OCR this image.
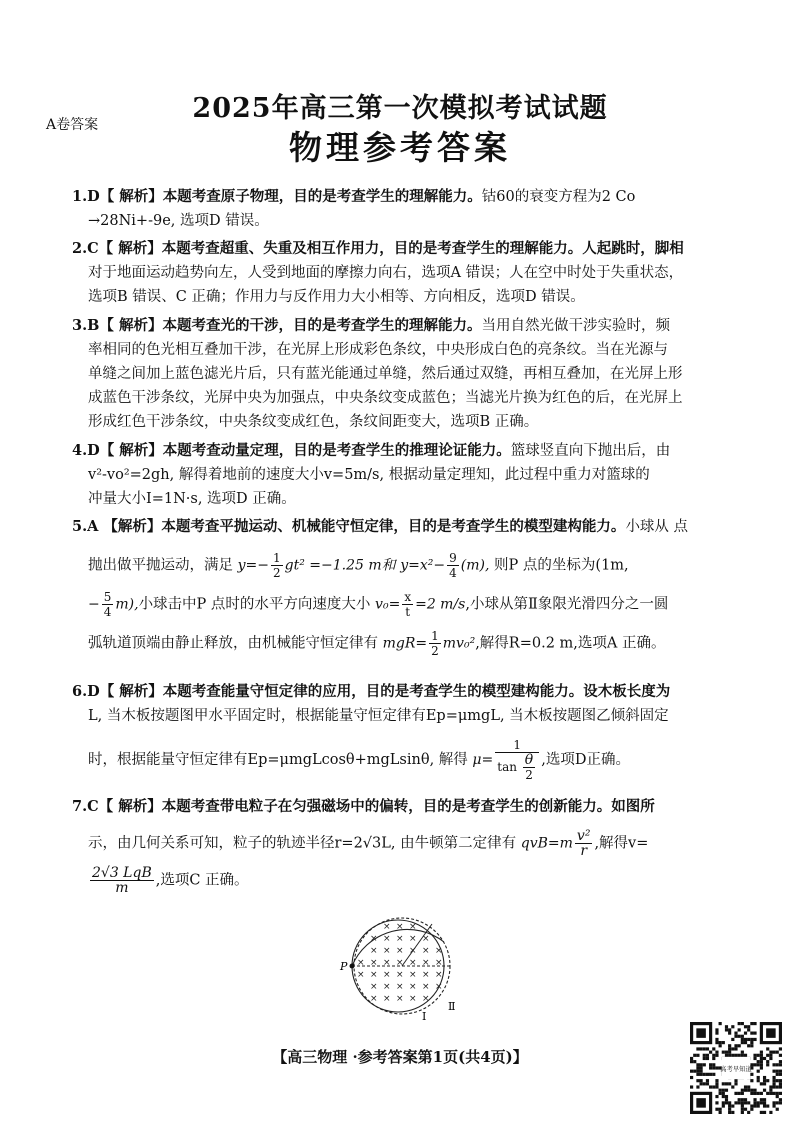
A卷答案
2025年高三第一次模拟考试试题
物理参考答案
1.D【 解析】本题考查原子物理，目的是考查学生的理解能力。钴60的衰变方程为2 Co
→28Ni+-9e, 选项D 错误。
2.C【 解析】本题考查超重、失重及相互作用力，目的是考查学生的理解能力。人起跳时，脚相
对于地面运动趋势向左，人受到地面的摩擦力向右，选项A 错误；人在空中时处于失重状态，
选项B 错误、C 正确；作用力与反作用力大小相等、方向相反，选项D 错误。
3.B【 解析】本题考查光的干涉，目的是考查学生的理解能力。当用自然光做干涉实验时，频
率相同的色光相互叠加干涉，在光屏上形成彩色条纹，中央形成白色的亮条纹。当在光源与
单缝之间加上蓝色滤光片后，只有蓝光能通过单缝，然后通过双缝，再相互叠加，在光屏上形
成蓝色干涉条纹，光屏中央为加强点，中央条纹变成蓝色；当滤光片换为红色的后，在光屏上
形成红色干涉条纹，中央条纹变成红色，条纹间距变大，选项B 正确。
4.D【 解析】本题考查动量定理，目的是考查学生的推理论证能力。篮球竖直向下抛出后，由
v²-vo²=2gh, 解得着地前的速度大小v=5m/s, 根据动量定理知，此过程中重力对篮球的
冲量大小I=1N·s, 选项D 正确。
5.A 【解析】本题考查平抛运动、机械能守恒定律，目的是考查学生的模型建构能力。小球从 点
抛出做平抛运动，满足 $y=- \frac{1}{2} gt^2 =-1.25$ m和 $y=x^2- \frac{9}{4} (m)$, 则P 点的坐标为(1m,
− $\frac{5}{4} m$),小球击中P 点时的水平方向速度大小 $v_0= \frac{x}{t} =2$ m/s,小球从第Ⅱ象限光滑四分之一圆
弧轨道顶端由静止释放，由机械能守恒定律有 $mgR= \frac{1}{2} mv_0^2$,解得R=0.2 m,选项A 正确。
6.D【 解析】本题考查能量守恒定律的应用，目的是考查学生的模型建构能力。设木板长度为
L, 当木板按题图甲水平固定时，根据能量守恒定律有Ep=μmgL, 当木板按题图乙倾斜固定
时，根据能量守恒定律有Ep=μmgLcosθ+mgLsinθ, 解得 $\mu= \frac{1}{\tan \frac{\theta}{2}}$ ,选项D正确。
7.C【 解析】本题考查带电粒子在匀强磁场中的偏转，目的是考查学生的创新能力。如图所
示，由几何关系可知，粒子的轨迹半径r=2√3L, 由牛顿第二定律有 $qvB=m \frac{\text{v²}}{r}$ ,解得v=
$\frac{\text{2√3 LqB}}{m}$ ,选项C 正确。
P
× × ×
× × × × ×
× × × × × ×
× × × × × × ×
× × × × × × ×
× × × × × ×
× × × × ×
Ⅰ
Ⅱ
【高三物理 ·参考答案第1页(共4页)】
高考早知道
